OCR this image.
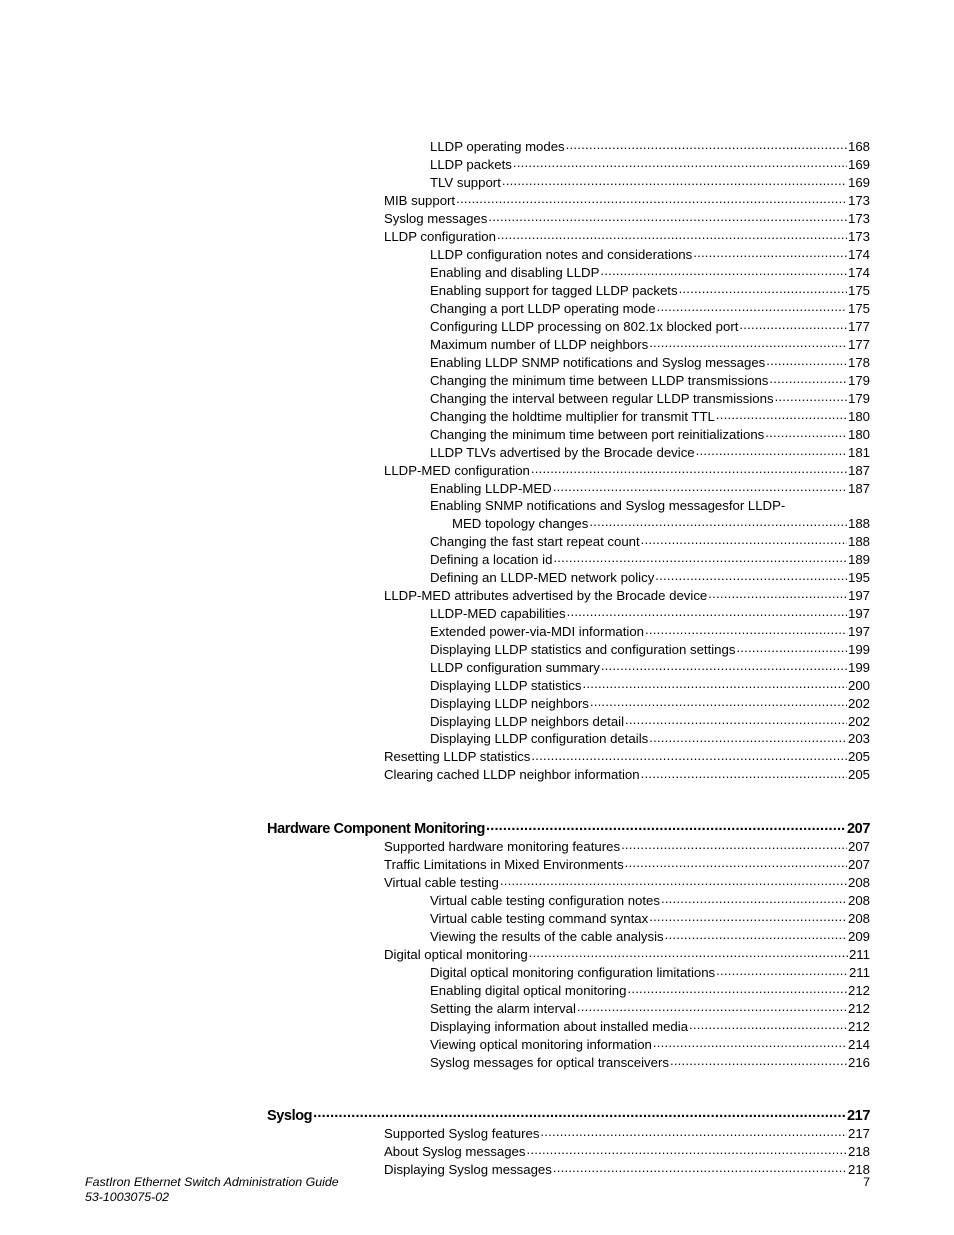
LLDP operating modes .....	168
LLDP packets .....	169
TLV support .....	169
MIB support .....	173
Syslog messages .....	173
LLDP configuration .....	173
LLDP configuration notes and considerations .....	174
Enabling and disabling LLDP .....	174
Enabling support for tagged LLDP packets .....	175
Changing a port LLDP operating mode .....	175
Configuring LLDP processing on 802.1x blocked port .....	177
Maximum number of LLDP neighbors .....	177
Enabling LLDP SNMP notifications and Syslog messages .....	178
Changing the minimum time between LLDP transmissions .....	179
Changing the interval between regular LLDP transmissions .....	179
Changing the holdtime multiplier for transmit TTL .....	180
Changing the minimum time between port reinitializations .....	180
LLDP TLVs advertised by the Brocade device .....	181
LLDP-MED configuration .....	187
Enabling LLDP-MED .....	187
Enabling SNMP notifications and Syslog messagesfor LLDP-
MED topology changes .....	188
Changing the fast start repeat count .....	188
Defining a location id .....	189
Defining an LLDP-MED network policy .....	195
LLDP-MED attributes advertised by the Brocade device .....	197
LLDP-MED capabilities .....	197
Extended power-via-MDI information .....	197
Displaying LLDP statistics and configuration settings .....	199
LLDP configuration summary .....	199
Displaying LLDP statistics .....	200
Displaying LLDP neighbors .....	202
Displaying LLDP neighbors detail .....	202
Displaying LLDP configuration details .....	203
Resetting LLDP statistics .....	205
Clearing cached LLDP neighbor information .....	205
Hardware Component Monitoring .....	207
Supported hardware monitoring features .....	207
Traffic Limitations in Mixed Environments .....	207
Virtual cable testing .....	208
Virtual cable testing configuration notes .....	208
Virtual cable testing command syntax .....	208
Viewing the results of the cable analysis .....	209
Digital optical monitoring .....	211
Digital optical monitoring configuration limitations .....	211
Enabling digital optical monitoring .....	212
Setting the alarm interval .....	212
Displaying information about installed media .....	212
Viewing optical monitoring information .....	214
Syslog messages for optical transceivers .....	216
Syslog .....	217
Supported Syslog features .....	217
About Syslog messages .....	218
Displaying Syslog messages .....	218
FastIron Ethernet Switch Administration Guide
53-1003075-02
7
